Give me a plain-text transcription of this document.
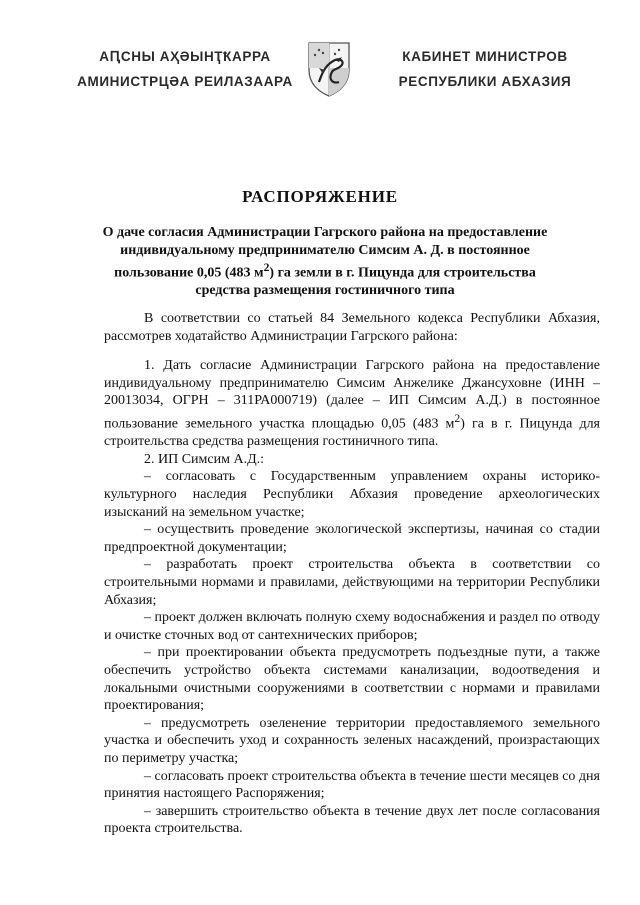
АԤСНЫ АҲӘЫНҬҞАРРА
АМИНИСТРЦӘА РЕИЛАЗААРА
КАБИНЕТ МИНИСТРОВ
РЕСПУБЛИКИ АБХАЗИЯ
РАСПОРЯЖЕНИЕ
О даче согласия Администрации Гагрского района на предоставление
индивидуальному предпринимателю Симсим А. Д. в постоянное
пользование 0,05 (483 $м^2$) га земли в г. Пицунда для строительства
средства размещения гостиничного типа

В соответствии со статьей 84 Земельного кодекса Республики Абхазия, рассмотрев ходатайство Администрации Гагрского района:

1. Дать согласие Администрации Гагрского района на предоставление индивидуальному предпринимателю Симсим Анжелике Джансуховне (ИНН – 20013034, ОГРН – 311РА000719) (далее – ИП Симсим А.Д.) в постоянное пользование земельного участка площадью 0,05 (483 $м^2$) га в г. Пицунда для строительства средства размещения гостиничного типа.

2. ИП Симсим А.Д.:

– согласовать с Государственным управлением охраны историко-культурного наследия Республики Абхазия проведение археологических изысканий на земельном участке;

– осуществить проведение экологической экспертизы, начиная со стадии предпроектной документации;

– разработать проект строительства объекта в соответствии со строительными нормами и правилами, действующими на территории Республики Абхазия;

– проект должен включать полную схему водоснабжения и раздел по отводу и очистке сточных вод от сантехнических приборов;

– при проектировании объекта предусмотреть подъездные пути, а также обеспечить устройство объекта системами канализации, водоотведения и локальными очистными сооружениями в соответствии с нормами и правилами проектирования;

– предусмотреть озеленение территории предоставляемого земельного участка и обеспечить уход и сохранность зеленых насаждений, произрастающих по периметру участка;

– согласовать проект строительства объекта в течение шести месяцев со дня принятия настоящего Распоряжения;

– завершить строительство объекта в течение двух лет после согласования проекта строительства.
